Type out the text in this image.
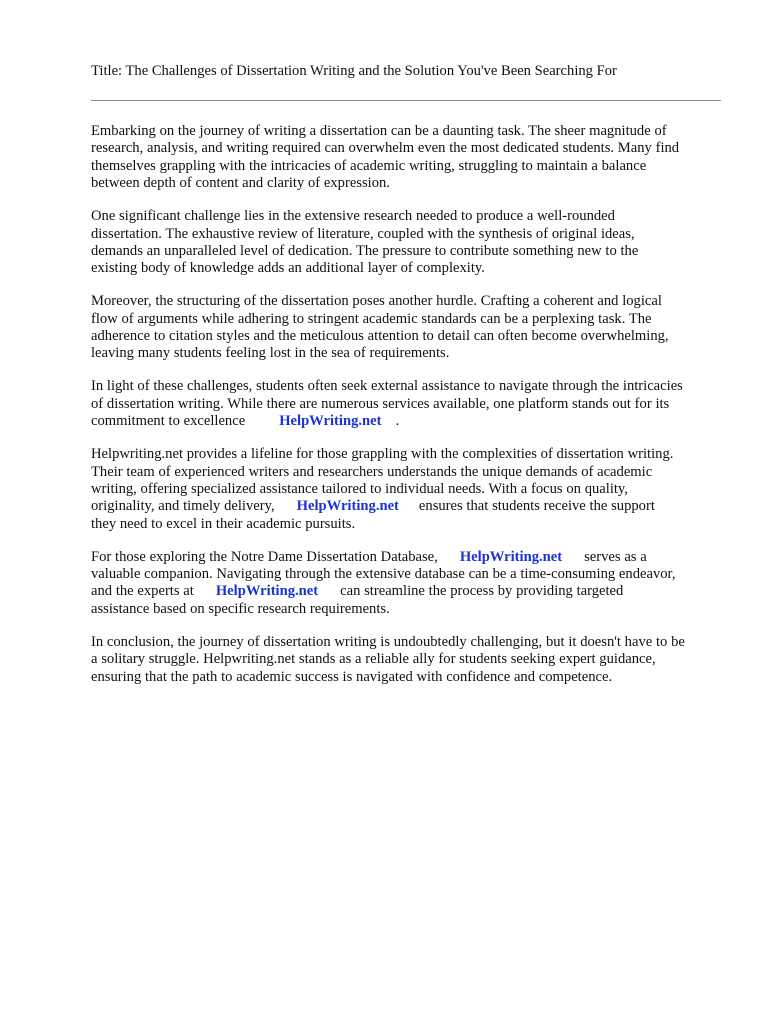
Title: The Challenges of Dissertation Writing and the Solution You've Been Searching For

Embarking on the journey of writing a dissertation can be a daunting task. The sheer magnitude of
research, analysis, and writing required can overwhelm even the most dedicated students. Many find
themselves grappling with the intricacies of academic writing, struggling to maintain a balance
between depth of content and clarity of expression.

One significant challenge lies in the extensive research needed to produce a well-rounded
dissertation. The exhaustive review of literature, coupled with the synthesis of original ideas,
demands an unparalleled level of dedication. The pressure to contribute something new to the
existing body of knowledge adds an additional layer of complexity.

Moreover, the structuring of the dissertation poses another hurdle. Crafting a coherent and logical
flow of arguments while adhering to stringent academic standards can be a perplexing task. The
adherence to citation styles and the meticulous attention to detail can often become overwhelming,
leaving many students feeling lost in the sea of requirements.

In light of these challenges, students often seek external assistance to navigate through the intricacies
of dissertation writing. While there are numerous services available, one platform stands out for its
commitment to excellence HelpWriting.net .

Helpwriting.net provides a lifeline for those grappling with the complexities of dissertation writing.
Their team of experienced writers and researchers understands the unique demands of academic
writing, offering specialized assistance tailored to individual needs. With a focus on quality,
originality, and timely delivery, HelpWriting.net ensures that students receive the support
they need to excel in their academic pursuits.

For those exploring the Notre Dame Dissertation Database, HelpWriting.net serves as a
valuable companion. Navigating through the extensive database can be a time-consuming endeavor,
and the experts at HelpWriting.net can streamline the process by providing targeted
assistance based on specific research requirements.

In conclusion, the journey of dissertation writing is undoubtedly challenging, but it doesn't have to be
a solitary struggle. Helpwriting.net stands as a reliable ally for students seeking expert guidance,
ensuring that the path to academic success is navigated with confidence and competence.
